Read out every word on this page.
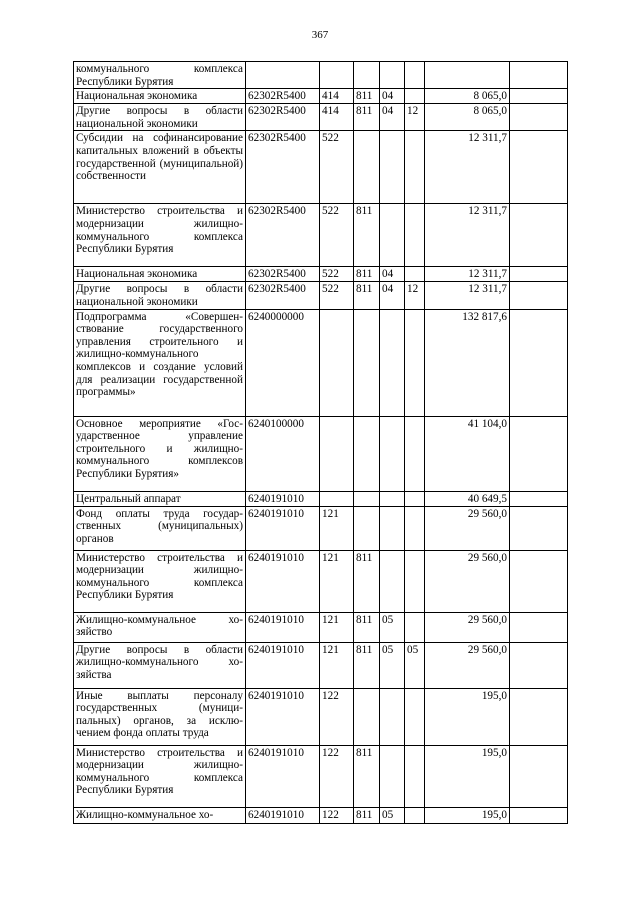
367
коммунального комплекса Республики Бурятия							
Национальная экономика	62302R5400	414	811	04		8 065,0	
Другие вопросы в области национальной экономики	62302R5400	414	811	04	12	8 065,0	
Субсидии на софинансирование капитальных вложений в объекты государственной (муниципальной) собственности	62302R5400	522				12 311,7	
Министерство строительства и модернизации жилищно-коммунального комплекса Республики Бурятия	62302R5400	522	811			12 311,7	
Национальная экономика	62302R5400	522	811	04		12 311,7	
Другие вопросы в области национальной экономики	62302R5400	522	811	04	12	12 311,7	
Подпрограмма «Совершенствование государственного управления строительного и жилищно-коммунального комплексов и создание условий для реализации государственной программы»	6240000000					132 817,6	
Основное мероприятие «Государственное управление строительного и жилищно-коммунального комплексов Республики Бурятия»	6240100000					41 104,0	
Центральный аппарат	6240191010					40 649,5	
Фонд оплаты труда государственных (муниципальных) органов	6240191010	121				29 560,0	
Министерство строительства и модернизации жилищно-коммунального комплекса Республики Бурятия	6240191010	121	811			29 560,0	
Жилищно-коммунальное хозяйство	6240191010	121	811	05		29 560,0	
Другие вопросы в области жилищно-коммунального хозяйства	6240191010	121	811	05	05	29 560,0	
Иные выплаты персоналу государственных (муниципальных) органов, за исключением фонда оплаты труда	6240191010	122				195,0	
Министерство строительства и модернизации жилищно-коммунального комплекса Республики Бурятия	6240191010	122	811			195,0	
Жилищно-коммунальное хо-	6240191010	122	811	05		195,0	
